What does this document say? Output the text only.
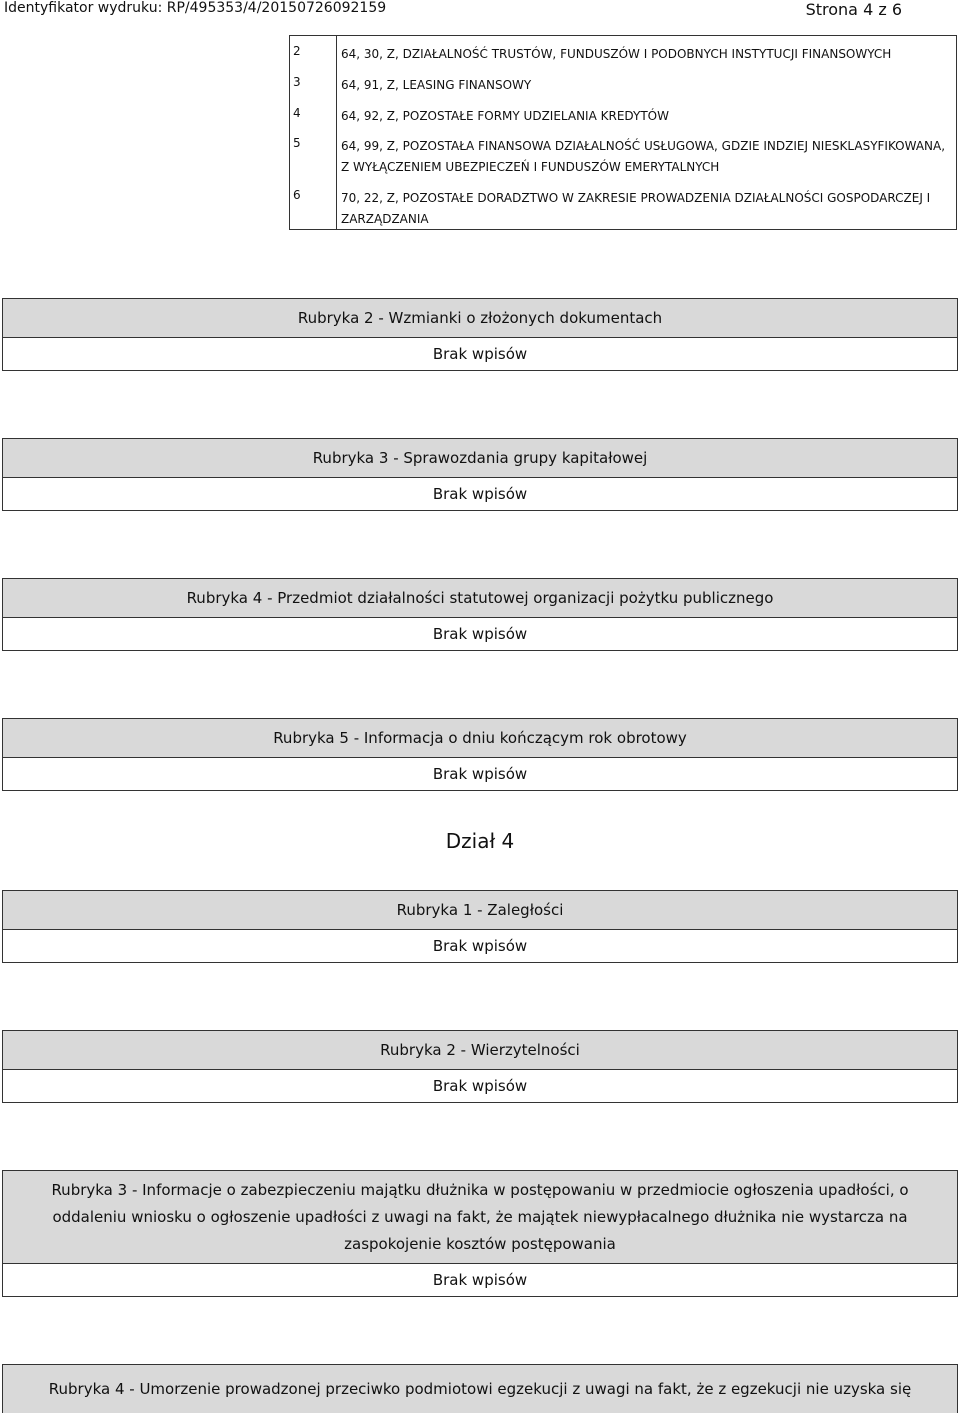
Identyfikator wydruku: RP/495353/4/20150726092159	Strona 4 z 6
2	64, 30, Z, DZIAŁALNOŚĆ TRUSTÓW, FUNDUSZÓW I PODOBNYCH INSTYTUCJI FINANSOWYCH
3	64, 91, Z, LEASING FINANSOWY
4	64, 92, Z, POZOSTAŁE FORMY UDZIELANIA KREDYTÓW
5	64, 99, Z, POZOSTAŁA FINANSOWA DZIAŁALNOŚĆ USŁUGOWA, GDZIE INDZIEJ NIESKLASYFIKOWANA, Z WYŁĄCZENIEM UBEZPIECZEŃ I FUNDUSZÓW EMERYTALNYCH
6	70, 22, Z, POZOSTAŁE DORADZTWO W ZAKRESIE PROWADZENIA DZIAŁALNOŚCI GOSPODARCZEJ I ZARZĄDZANIA
Rubryka 2 - Wzmianki o złożonych dokumentach
Brak wpisów
Rubryka 3 - Sprawozdania grupy kapitałowej
Brak wpisów
Rubryka 4 - Przedmiot działalności statutowej organizacji pożytku publicznego
Brak wpisów
Rubryka 5 - Informacja o dniu kończącym rok obrotowy
Brak wpisów
Dział 4
Rubryka 1 - Zaległości
Brak wpisów
Rubryka 2 - Wierzytelności
Brak wpisów
Rubryka 3 - Informacje o zabezpieczeniu majątku dłużnika w postępowaniu w przedmiocie ogłoszenia upadłości, o
oddaleniu wniosku o ogłoszenie upadłości z uwagi na fakt, że majątek niewypłacalnego dłużnika nie wystarcza na
zaspokojenie kosztów postępowania
Brak wpisów
Rubryka 4 - Umorzenie prowadzonej przeciwko podmiotowi egzekucji z uwagi na fakt, że z egzekucji nie uzyska się
